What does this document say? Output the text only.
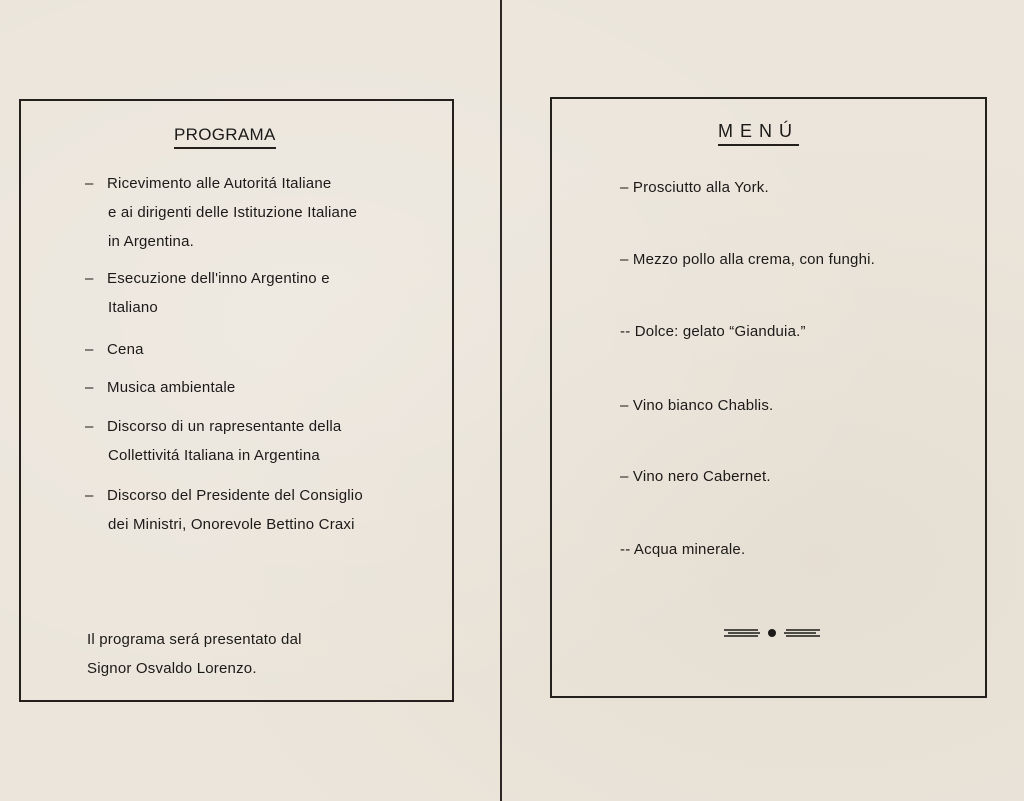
PROGRAMA
– Ricevimento alle Autoritá Italiane
e ai dirigenti delle Istituzione Italiane
in Argentina.
– Esecuzione dell'inno Argentino e
Italiano
– Cena
– Musica ambientale
– Discorso di un rapresentante della
Collettivitá Italiana in Argentina
– Discorso del Presidente del Consiglio
dei Ministri, Onorevole Bettino Craxi
Il programa será presentato dal
Signor Osvaldo Lorenzo.
MENÚ
– Prosciutto alla York.
– Mezzo pollo alla crema, con funghi.
-- Dolce: gelato “Gianduia.”
– Vino bianco Chablis.
– Vino nero Cabernet.
-- Acqua minerale.
